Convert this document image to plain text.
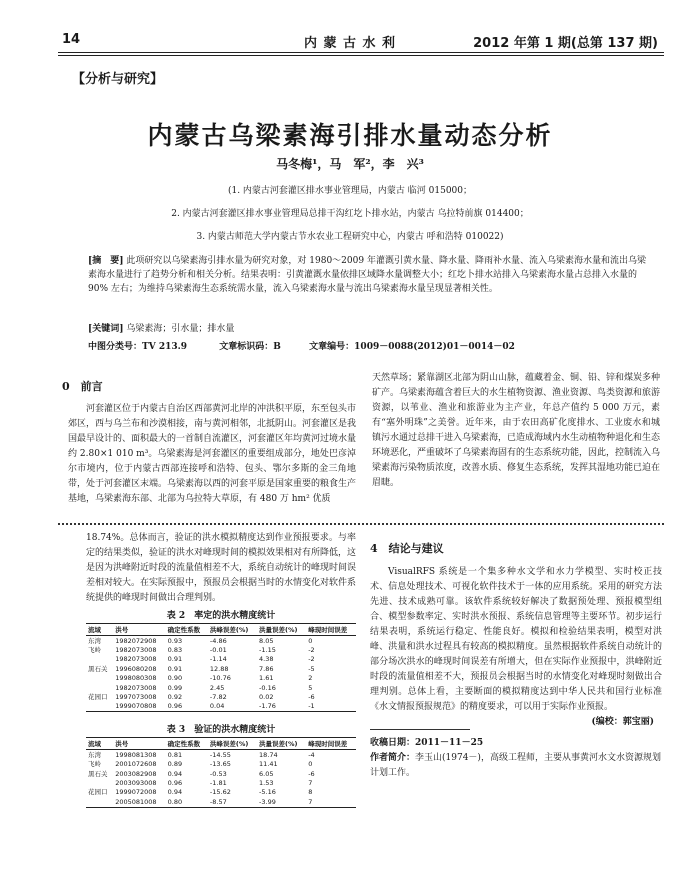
14	内 蒙 古 水 利	2012 年第 1 期(总第 137 期)
【分析与研究】
内蒙古乌梁素海引排水量动态分析
马冬梅¹，马　军²，李　兴³
(1. 内蒙古河套灌区排水事业管理局，内蒙古 临河 015000；
2. 内蒙古河套灌区排水事业管理局总排干沟红圪卜排水站，内蒙古 乌拉特前旗 014400；
3. 内蒙古师范大学内蒙古节水农业工程研究中心，内蒙古 呼和浩特 010022)
[摘　要] 此项研究以乌梁素海引排水量为研究对象，对 1980～2009 年灌溉引黄水量、降水量、降雨补水量、流入乌梁素海水量和流出乌梁素海水量进行了趋势分析和相关分析。结果表明：引黄灌溉水量依排区域降水量调整大小；红圪卜排水站排入乌梁素海水量占总排入水量的 90% 左右；为维持乌梁素海生态系统需水量，流入乌梁素海水量与流出乌梁素海水量呈现显著相关性。
[关键词] 乌梁素海；引水量；排水量
中图分类号：TV 213.9	文章标识码：B	文章编号：1009－0088(2012)01－0014－02
0　前言
河套灌区位于内蒙古自治区西部黄河北岸的冲洪积平原，东至包头市郊区，西与乌兰布和沙漠相接，南与黄河相邻，北抵阴山。河套灌区是我国最早设计的、面积最大的一首制自流灌区，河套灌区年均黄河过境水量约 2.80×1 010 m³。乌梁素海是河套灌区的重要组成部分，地处巴彦淖尔市境内，位于内蒙古西部连接呼和浩特、包头、鄂尔多斯的金三角地带，处于河套灌区末端。乌梁素海以西的河套平原是国家重要的粮食生产基地，乌梁素海东部、北部为乌拉特大草原，有 480 万 hm² 优质
天然草场；紧靠湖区北部为阴山山脉，蕴藏着金、铜、铅、锌和煤炭多种矿产。乌梁素海蕴含着巨大的水生植物资源、渔业资源、鸟类资源和旅游资源，以苇业、渔业和旅游业为主产业，年总产值约 5 000 万元，素有“塞外明珠”之美誉。近年来，由于农田高矿化度排水、工业废水和城镇污水通过总排干进入乌梁素海，已造成海域内水生动植物种退化和生态环境恶化，严重破坏了乌梁素海固有的生态系统功能，因此，控制流入乌梁素海污染物质浓度，改善水质、修复生态系统，发挥其湿地功能已迫在眉睫。
18.74%。总体而言，验证的洪水模拟精度达到作业预报要求。与率定的结果类似，验证的洪水对峰现时间的模拟效果相对有所降低，这是因为洪峰附近时段的流量值相差不大，系统自动统计的峰现时间误差相对较大。在实际预报中，预报员会根据当时的水情变化对软件系统提供的峰现时间做出合理判别。
表 2　率定的洪水精度统计
流域	洪号	确定性系数	洪峰误差(%)	洪量误差(%)	峰现时间误差
东湾	1982072908	0.93	-4.86	8.05	0
飞岭	1982073008	0.83	-0.01	-1.15	-2
	1982073008	0.91	-1.14	4.38	-2
黑石关	1996080208	0.91	12.88	7.86	-5
	1998080308	0.90	-10.76	1.61	2
	1982073008	0.99	2.45	-0.16	5
花园口	1997073008	0.92	-7.82	0.02	-6
	1999070808	0.96	0.04	-1.76	-1
表 3　验证的洪水精度统计
流域	洪号	确定性系数	洪峰误差(%)	洪量误差(%)	峰现时间误差
东湾	1998081308	0.81	-14.55	18.74	-4
飞岭	2001072608	0.89	-13.65	11.41	0
黑石关	2003082908	0.94	-0.53	6.05	-6
	2003093008	0.96	-1.81	1.53	7
花园口	1999072008	0.94	-15.62	-5.16	8
	2005081008	0.80	-8.57	-3.99	7
4　结论与建议
VisualRFS 系统是一个集多种水文学和水力学模型、实时校正技术、信息处理技术、可视化软件技术于一体的应用系统。采用的研究方法先进、技术成熟可靠。该软件系统较好解决了数据预处理、预报模型组合、模型参数率定、实时洪水预报、系统信息管理等主要环节。初步运行结果表明，系统运行稳定、性能良好。模拟和检验结果表明，模型对洪峰、洪量和洪水过程具有较高的模拟精度。虽然根据软件系统自动统计的部分场次洪水的峰现时间误差有所增大，但在实际作业预报中，洪峰附近时段的流量值相差不大，预报员会根据当时的水情变化对峰现时刻做出合理判别。总体上看，主要断面的模拟精度达到中华人民共和国行业标准《水文情报预报规范》的精度要求，可以用于实际作业预报。
(编校：郭宝丽)
收稿日期：2011－11－25
作者简介：李玉山(1974－)，高级工程师，主要从事黄河水文水资源规划计划工作。
